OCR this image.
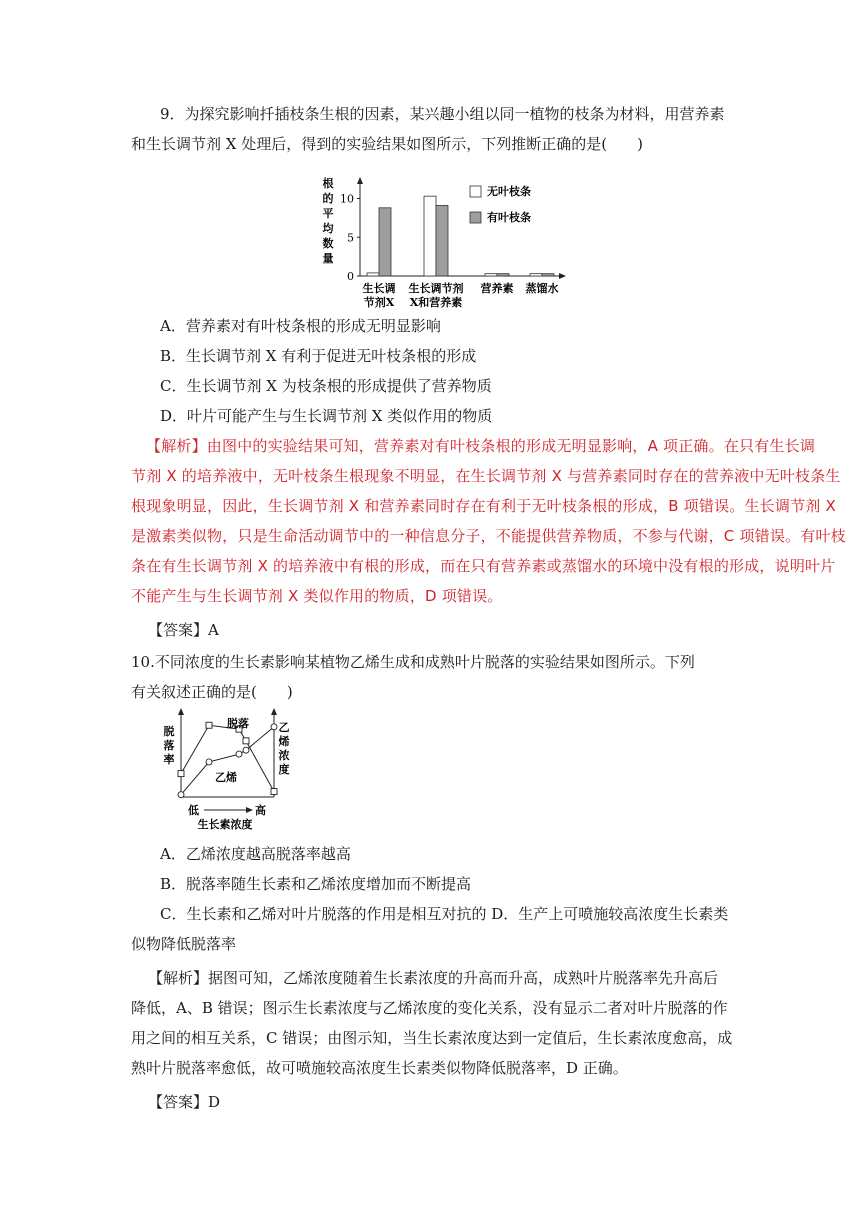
9．为探究影响扦插枝条生根的因素，某兴趣小组以同一植物的枝条为材料，用营养素
和生长调节剂 X 处理后，得到的实验结果如图所示，下列推断正确的是(　　)
根
的
平
均
数
量
0
5
10
生长调节剂X
生长调节剂 X和营养素
营养素 蒸馏水
无叶枝条
有叶枝条
A．营养素对有叶枝条根的形成无明显影响
B．生长调节剂 X 有利于促进无叶枝条根的形成
C．生长调节剂 X 为枝条根的形成提供了营养物质
D．叶片可能产生与生长调节剂 X 类似作用的物质
【解析】由图中的实验结果可知，营养素对有叶枝条根的形成无明显影响，A 项正确。在只有生长调
节剂 X 的培养液中，无叶枝条生根现象不明显，在生长调节剂 X 与营养素同时存在的营养液中无叶枝条生
根现象明显，因此，生长调节剂 X 和营养素同时存在有利于无叶枝条根的形成，B 项错误。生长调节剂 X
是激素类似物，只是生命活动调节中的一种信息分子，不能提供营养物质，不参与代谢，C 项错误。有叶枝
条在有生长调节剂 X 的培养液中有根的形成，而在只有营养素或蒸馏水的环境中没有根的形成，说明叶片
不能产生与生长调节剂 X 类似作用的物质，D 项错误。
【答案】A
10.不同浓度的生长素影响某植物乙烯生成和成熟叶片脱落的实验结果如图所示。下列
有关叙述正确的是(　　)
脱
落
率
乙
烯
浓
度
脱落
乙烯
低	高
生长素浓度
A．乙烯浓度越高脱落率越高
B．脱落率随生长素和乙烯浓度增加而不断提高
C．生长素和乙烯对叶片脱落的作用是相互对抗的 D．生产上可喷施较高浓度生长素类
似物降低脱落率
【解析】据图可知，乙烯浓度随着生长素浓度的升高而升高，成熟叶片脱落率先升高后
降低，A、B 错误；图示生长素浓度与乙烯浓度的变化关系，没有显示二者对叶片脱落的作
用之间的相互关系，C 错误；由图示知，当生长素浓度达到一定值后，生长素浓度愈高，成
熟叶片脱落率愈低，故可喷施较高浓度生长素类似物降低脱落率，D 正确。
【答案】D
